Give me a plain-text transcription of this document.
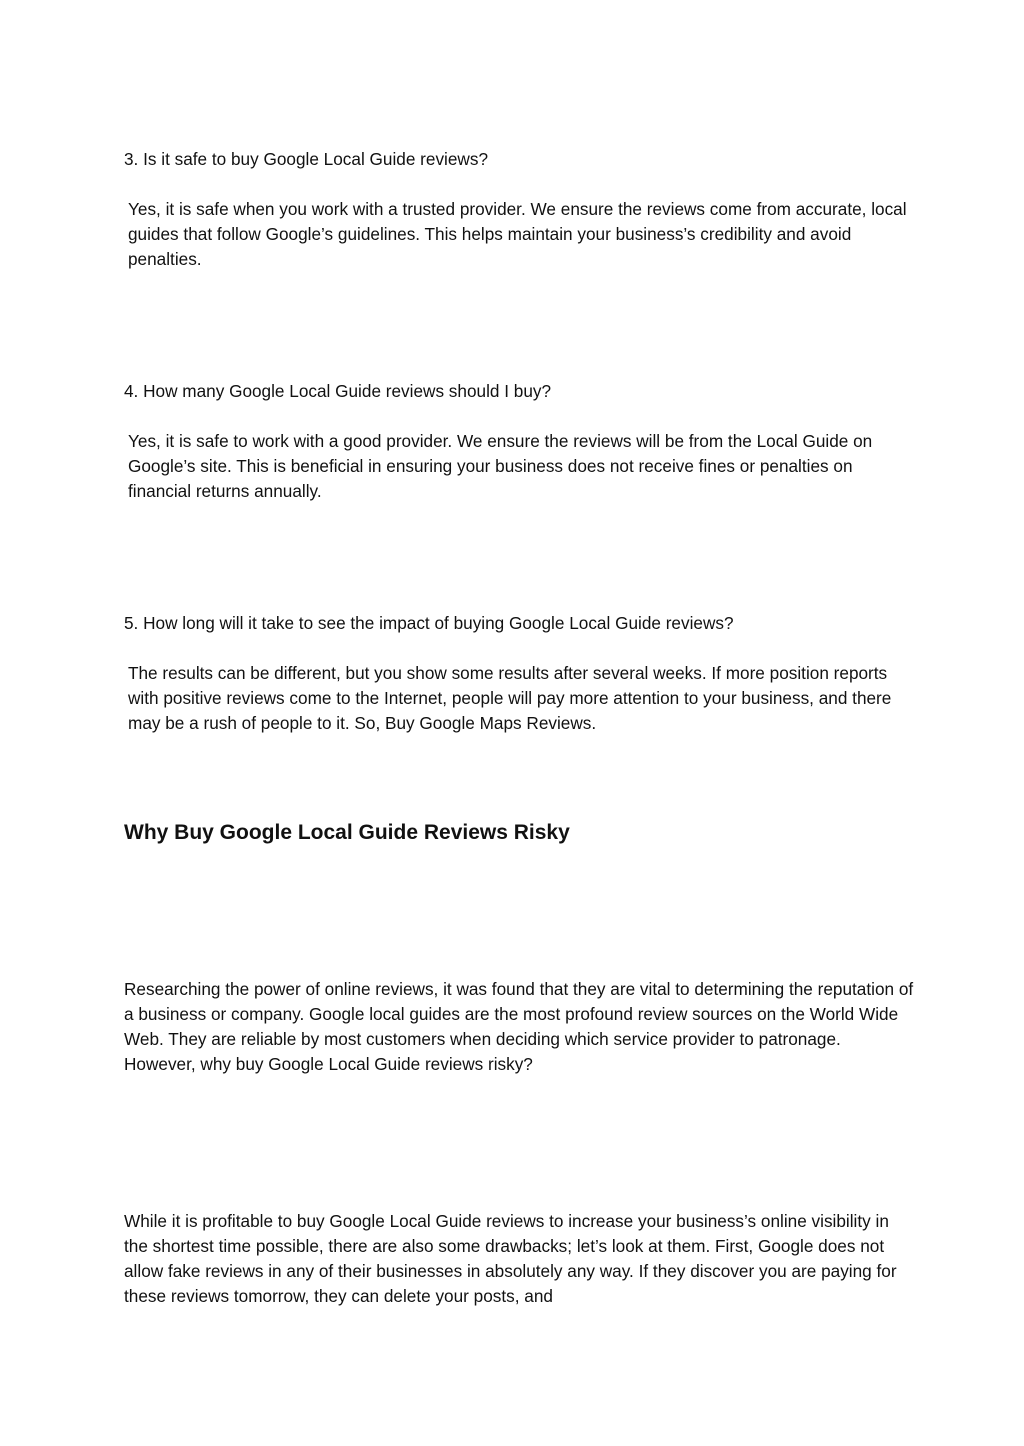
3. Is it safe to buy Google Local Guide reviews?

Yes, it is safe when you work with a trusted provider. We ensure the reviews come from accurate, local guides that follow Google’s guidelines. This helps maintain your business’s credibility and avoid penalties.

4. How many Google Local Guide reviews should I buy?

Yes, it is safe to work with a good provider. We ensure the reviews will be from the Local Guide on Google’s site. This is beneficial in ensuring your business does not receive fines or penalties on financial returns annually.

5. How long will it take to see the impact of buying Google Local Guide reviews?

The results can be different, but you show some results after several weeks. If more position reports with positive reviews come to the Internet, people will pay more attention to your business, and there may be a rush of people to it. So, Buy Google Maps Reviews.

Why Buy Google Local Guide Reviews Risky

Researching the power of online reviews, it was found that they are vital to determining the reputation of a business or company. Google local guides are the most profound review sources on the World Wide Web. They are reliable by most customers when deciding which service provider to patronage. However, why buy Google Local Guide reviews risky?

While it is profitable to buy Google Local Guide reviews to increase your business’s online visibility in the shortest time possible, there are also some drawbacks; let’s look at them. First, Google does not allow fake reviews in any of their businesses in absolutely any way. If they discover you are paying for these reviews tomorrow, they can delete your posts, and
